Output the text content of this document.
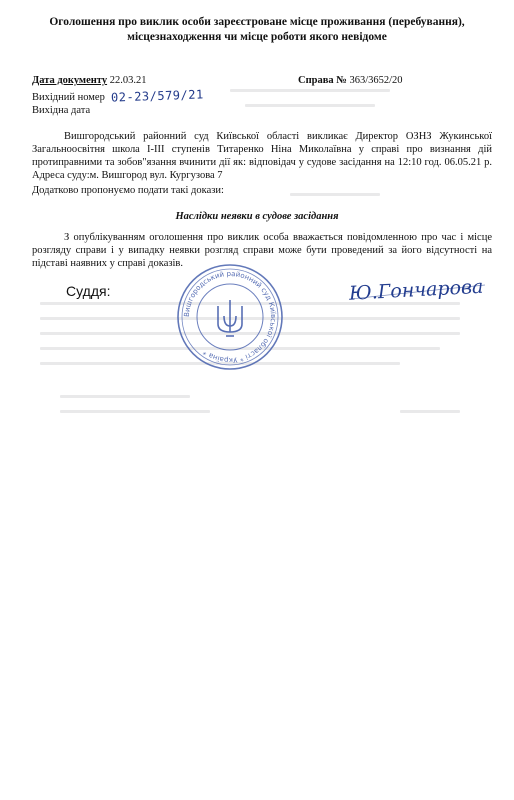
Оголошення про виклик особи зареєстроване місце проживання (перебування),
місцезнаходження чи місце роботи якого невідоме
Дата документу 22.03.21	Справа № 363/3652/20
Вихідний номер 02-23/579/21
Вихідна дата
Вишгородський районний суд Київської області викликає Директор ОЗНЗ Жукинської Загальноосвітня школа І-ІІІ ступенів Титаренко Ніна Миколаївна у справі про визнання дій протиправними та зобов"язання вчинити дії як: відповідач у судове засідання на 12:10 год. 06.05.21 р. Адреса суду:м. Вишгород вул. Кургузова 7
Додатково пропонуємо подати такі докази:
Наслідки неявки в судове засідання
З опублікуванням оголошення про виклик особа вважається повідомленною про час і місце розгляду справи і у випадку неявки розгляд справи може бути проведений за його відсутності на підставі наявних у справі доказів.
Суддя:
Вишгородський районний суд Київської області * Україна *
Ю.Гончарова
